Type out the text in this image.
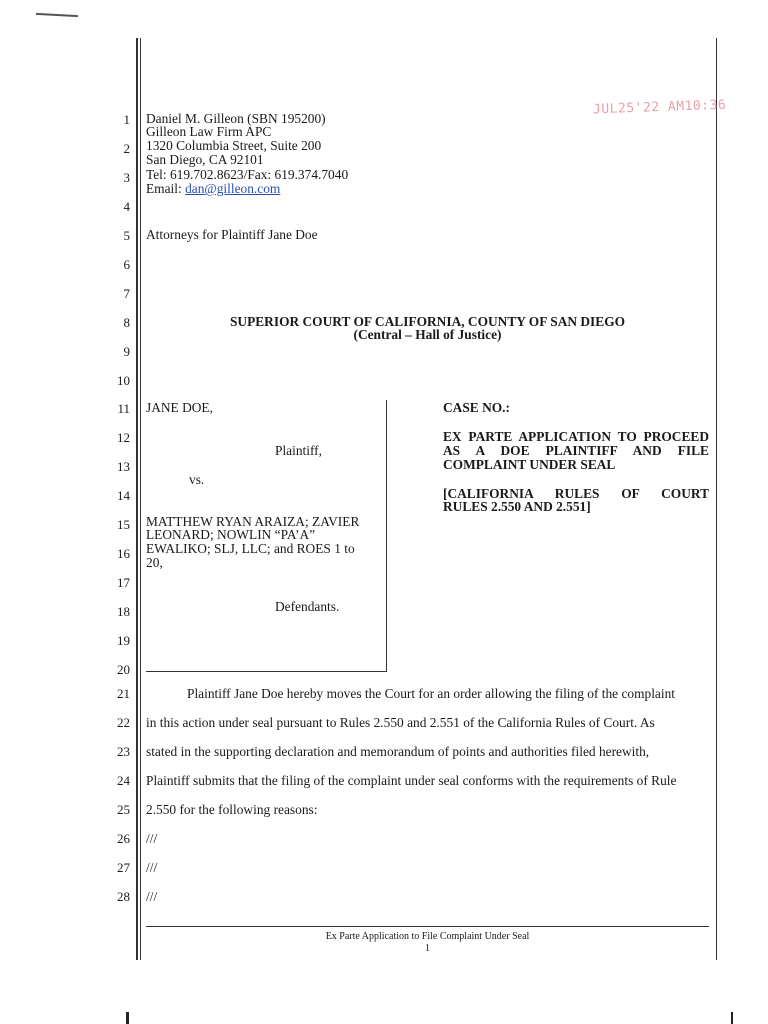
JUL25'22 AM10:36
1
2
3
4
5
6
7
8
9
10
11
12
13
14
15
16
17
18
19
20
21
22
23
24
25
26
27
28
Daniel M. Gilleon (SBN 195200)
Gilleon Law Firm APC
1320 Columbia Street, Suite 200
San Diego, CA 92101
Tel: 619.702.8623/Fax: 619.374.7040
Email: dan@gilleon.com
Attorneys for Plaintiff Jane Doe
SUPERIOR COURT OF CALIFORNIA, COUNTY OF SAN DIEGO
(Central – Hall of Justice)
JANE DOE,
Plaintiff,
vs.
MATTHEW RYAN ARAIZA; ZAVIER
LEONARD; NOWLIN “PA’A”
EWALIKO; SLJ, LLC; and ROES 1 to
20,
Defendants.
CASE NO.:
EX PARTE APPLICATION TO PROCEED
AS A DOE PLAINTIFF AND FILE
COMPLAINT UNDER SEAL
[CALIFORNIA RULES OF COURT
RULES 2.550 AND 2.551]
Plaintiff Jane Doe hereby moves the Court for an order allowing the filing of the complaint
in this action under seal pursuant to Rules 2.550 and 2.551 of the California Rules of Court. As
stated in the supporting declaration and memorandum of points and authorities filed herewith,
Plaintiff submits that the filing of the complaint under seal conforms with the requirements of Rule
2.550 for the following reasons:
///
///
///
Ex Parte Application to File Complaint Under Seal
1
